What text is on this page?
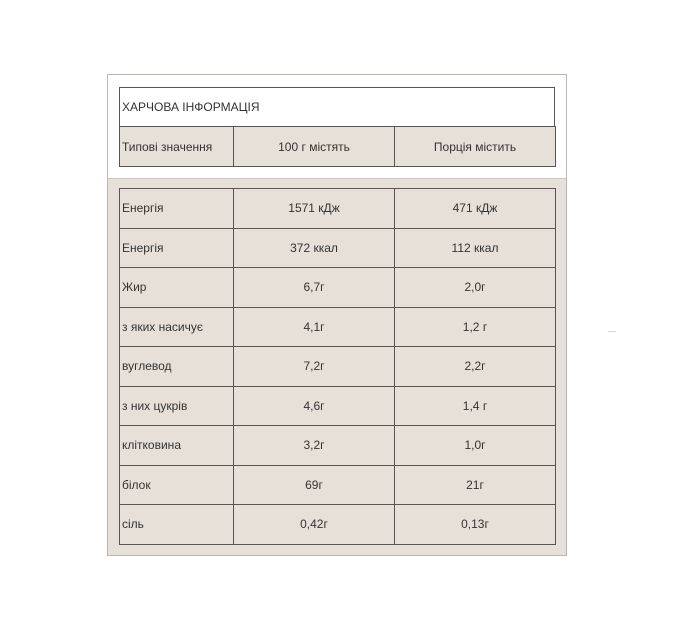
ХАРЧОВА ІНФОРМАЦІЯ
Типові значення	100 г містять	Порція містить
Енергія	1571 кДж	471 кДж
Енергія	372 ккал	112 ккал
Жир	6,7г	2,0г
з яких насичує	4,1г	1,2 г
вуглевод	7,2г	2,2г
з них цукрів	4,6г	1,4 г
клітковина	3,2г	1,0г
білок	69г	21г
сіль	0,42г	0,13г
